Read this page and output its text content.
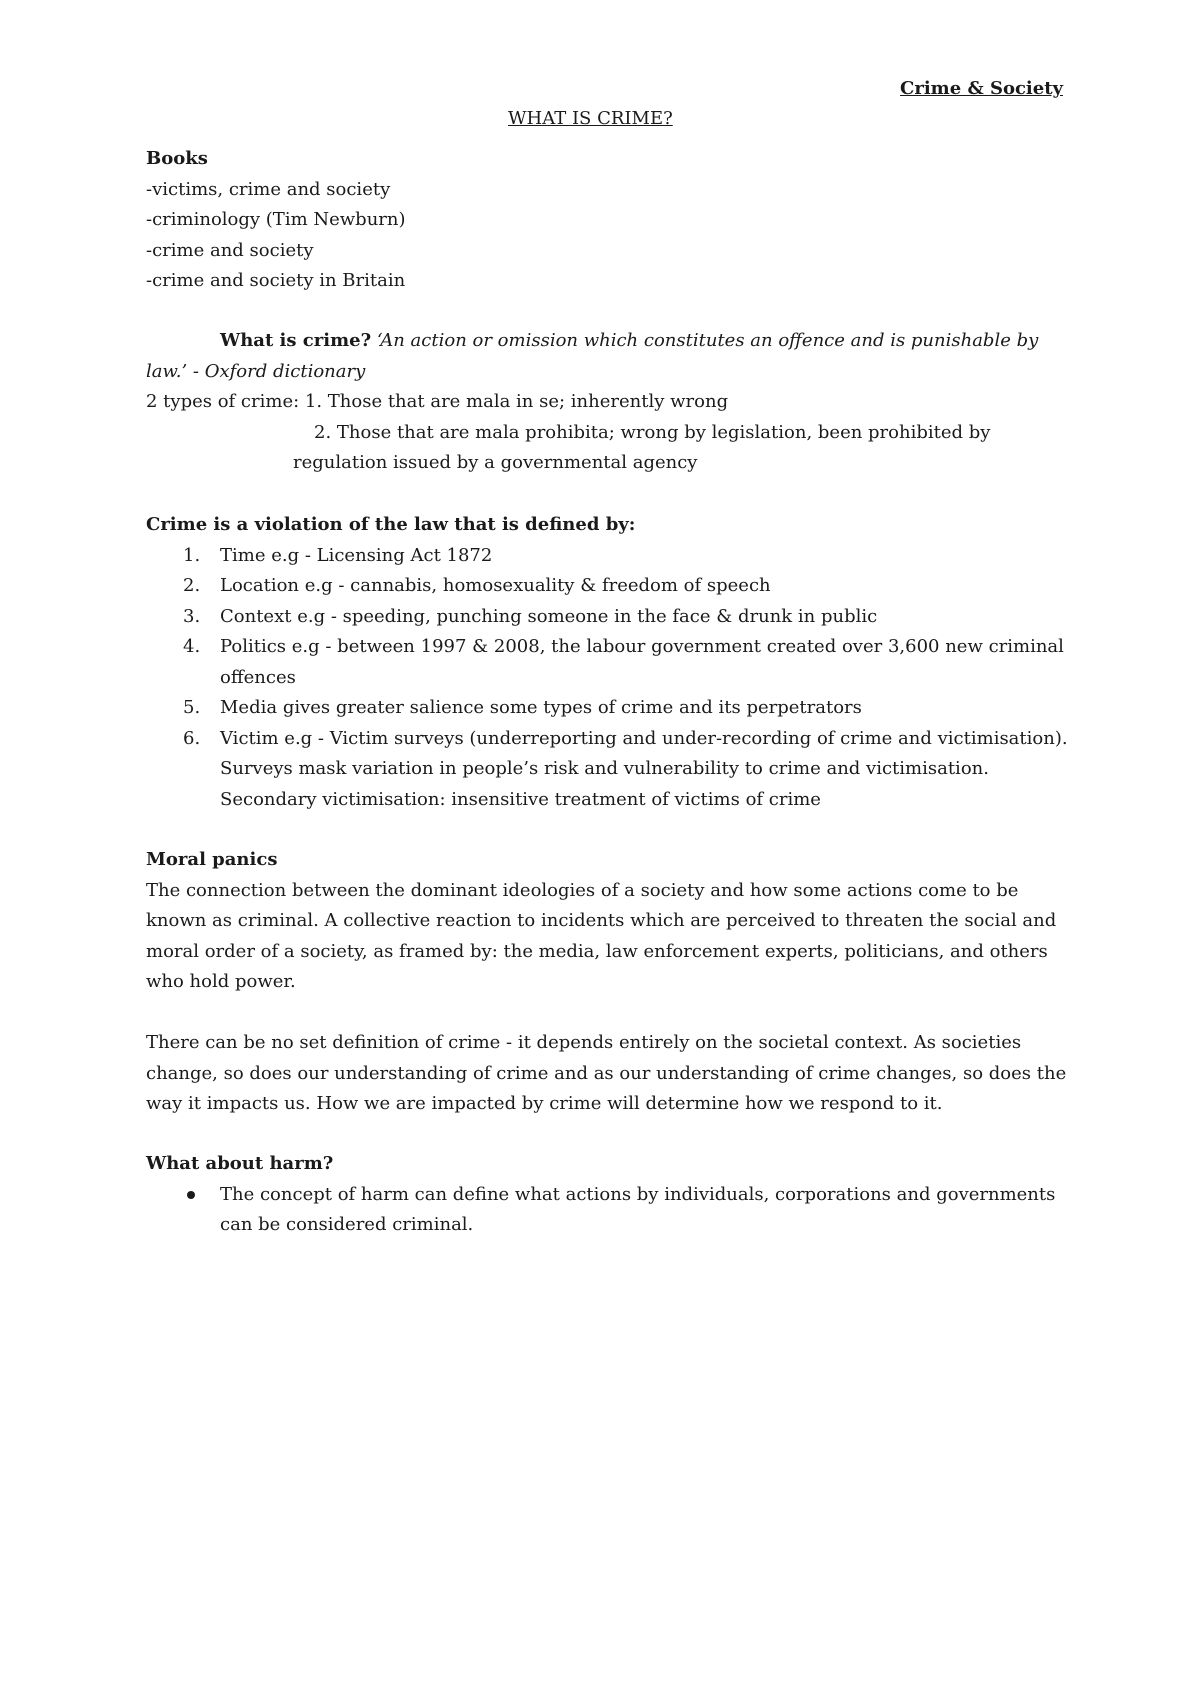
Crime & Society
WHAT IS CRIME?
Books
-victims, crime and society
-criminology (Tim Newburn)
-crime and society
-crime and society in Britain
What is crime? ‘An action or omission which constitutes an offence and is punishable by
law.’ - Oxford dictionary
2 types of crime: 1. Those that are mala in se; inherently wrong
2. Those that are mala prohibita; wrong by legislation, been prohibited by
regulation issued by a governmental agency
Crime is a violation of the law that is defined by:
1. Time e.g - Licensing Act 1872
2. Location e.g - cannabis, homosexuality & freedom of speech
3. Context e.g - speeding, punching someone in the face & drunk in public
4. Politics e.g - between 1997 & 2008, the labour government created over 3,600 new criminal
offences
5. Media gives greater salience some types of crime and its perpetrators
6. Victim e.g - Victim surveys (underreporting and under-recording of crime and victimisation).
Surveys mask variation in people’s risk and vulnerability to crime and victimisation.
Secondary victimisation: insensitive treatment of victims of crime
Moral panics
The connection between the dominant ideologies of a society and how some actions come to be
known as criminal. A collective reaction to incidents which are perceived to threaten the social and
moral order of a society, as framed by: the media, law enforcement experts, politicians, and others
who hold power.
There can be no set definition of crime - it depends entirely on the societal context. As societies
change, so does our understanding of crime and as our understanding of crime changes, so does the
way it impacts us. How we are impacted by crime will determine how we respond to it.
What about harm?
The concept of harm can define what actions by individuals, corporations and governments
can be considered criminal.
